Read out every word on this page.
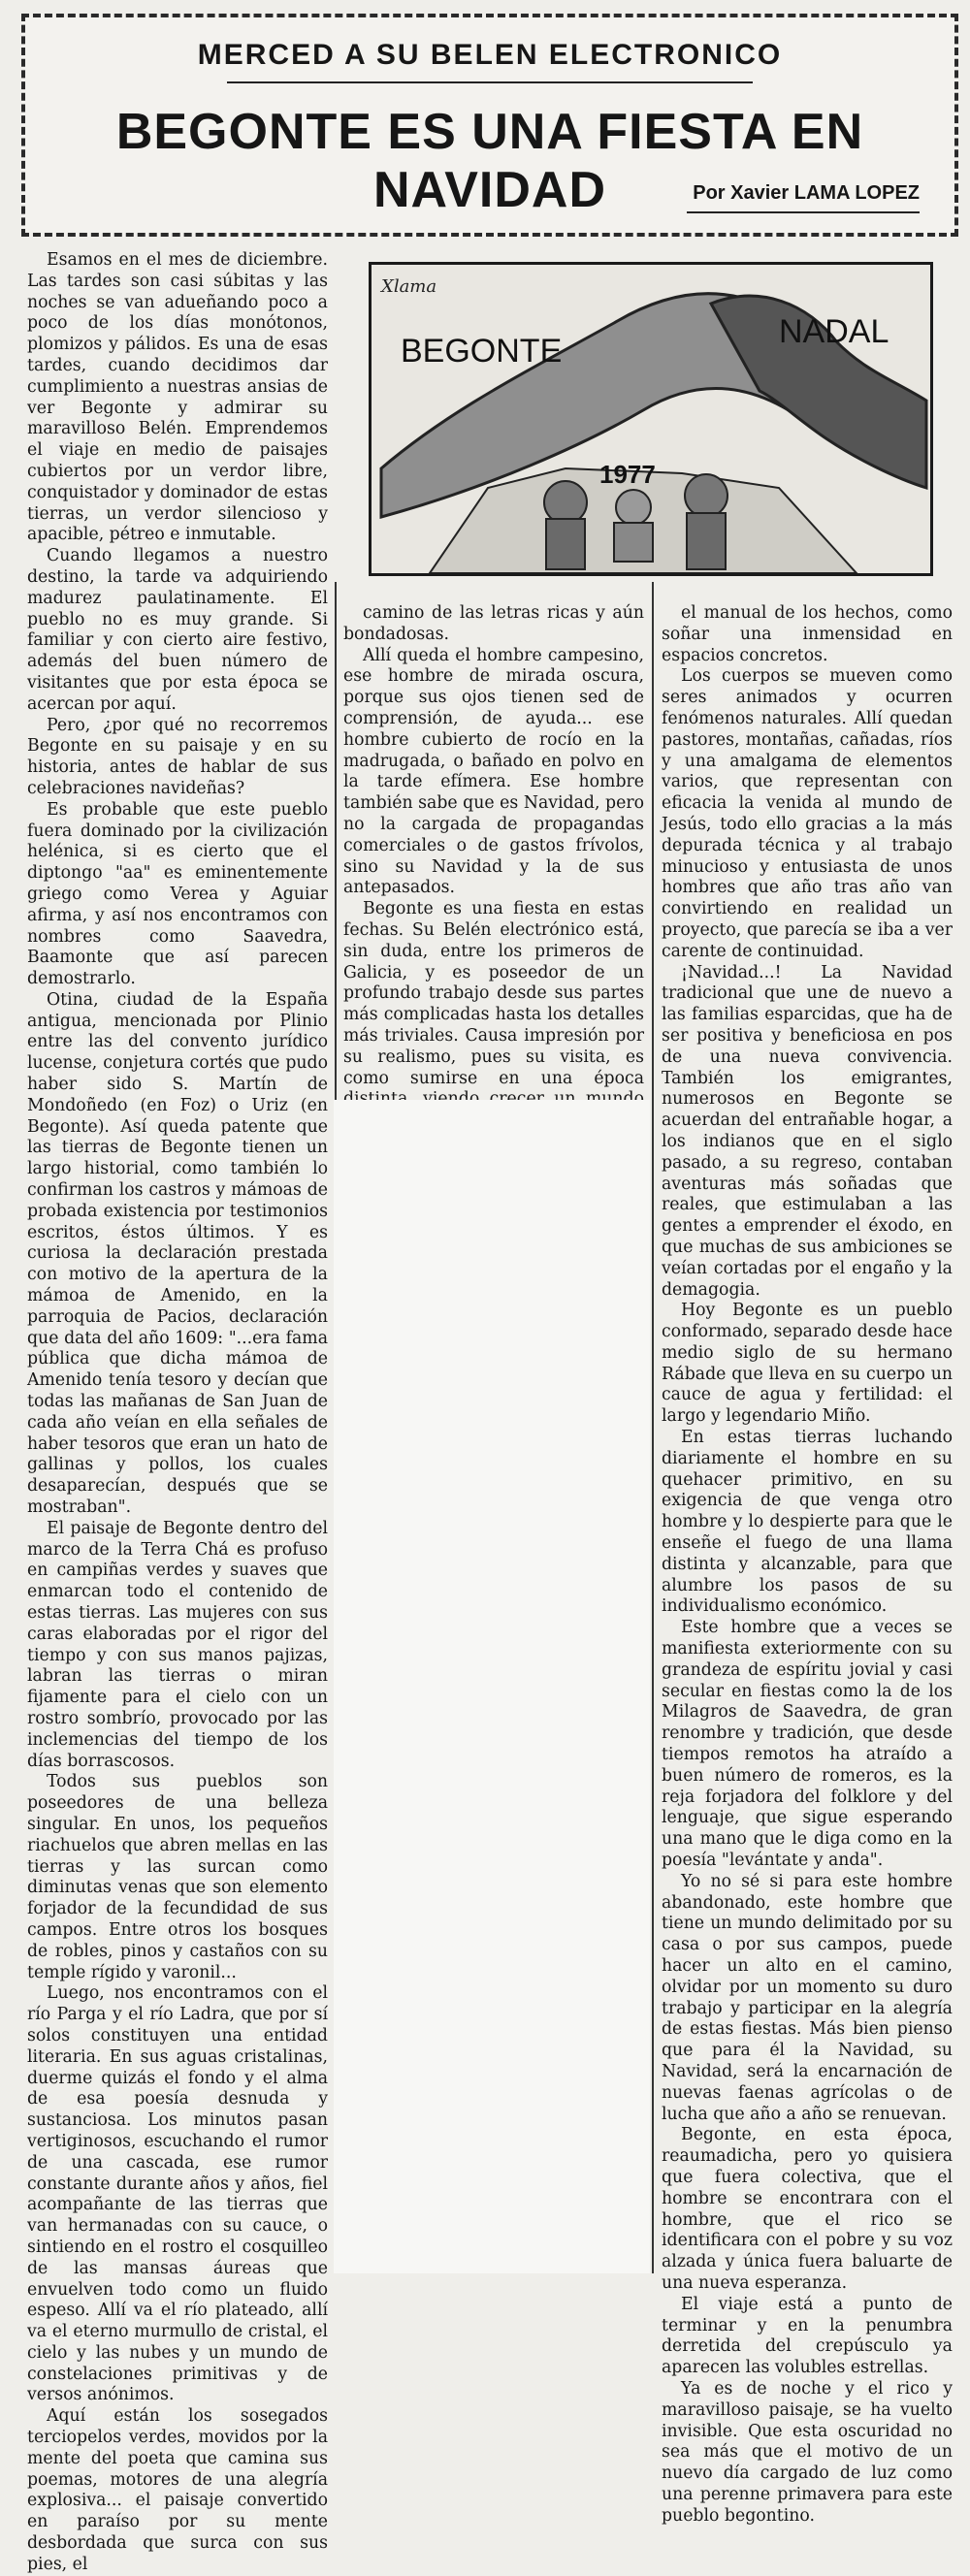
MERCED A SU BELEN ELECTRONICO
BEGONTE ES UNA FIESTA EN NAVIDAD	Por Xavier LAMA LOPEZ
Xlama
BEGONTE
NADAL
1977

Esamos en el mes de diciembre. Las tardes son casi súbitas y las noches se van adueñando poco a poco de los días monótonos, plomizos y pálidos. Es una de esas tardes, cuando decidimos dar cumplimiento a nuestras ansias de ver Begonte y admirar su maravilloso Belén. Emprendemos el viaje en medio de paisajes cubiertos por un verdor libre, conquistador y dominador de estas tierras, un verdor silencioso y apacible, pétreo e inmutable.

Cuando llegamos a nuestro destino, la tarde va adquiriendo madurez paulatinamente. El pueblo no es muy grande. Si familiar y con cierto aire festivo, además del buen número de visitantes que por esta época se acercan por aquí.

Pero, ¿por qué no recorremos Begonte en su paisaje y en su historia, antes de hablar de sus celebraciones navideñas?

Es probable que este pueblo fuera dominado por la civilización helénica, si es cierto que el diptongo "aa" es eminentemente griego como Verea y Aguiar afirma, y así nos encontramos con nombres como Saavedra, Baamonte que así parecen demostrarlo.

Otina, ciudad de la España antigua, mencionada por Plinio entre las del convento jurídico lucense, conjetura cortés que pudo haber sido S. Martín de Mondoñedo (en Foz) o Uriz (en Begonte). Así queda patente que las tierras de Begonte tienen un largo historial, como también lo confirman los castros y mámoas de probada existencia por testimonios escritos, éstos últimos. Y es curiosa la declaración prestada con motivo de la apertura de la mámoa de Amenido, en la parroquia de Pacios, declaración que data del año 1609: "...era fama pública que dicha mámoa de Amenido tenía tesoro y decían que todas las mañanas de San Juan de cada año veían en ella señales de haber tesoros que eran un hato de gallinas y pollos, los cuales desaparecían, después que se mostraban".

El paisaje de Begonte dentro del marco de la Terra Chá es profuso en campiñas verdes y suaves que enmarcan todo el contenido de estas tierras. Las mujeres con sus caras elaboradas por el rigor del tiempo y con sus manos pajizas, labran las tierras o miran fijamente para el cielo con un rostro sombrío, provocado por las inclemencias del tiempo de los días borrascosos.

Todos sus pueblos son poseedores de una belleza singular. En unos, los pequeños riachuelos que abren mellas en las tierras y las surcan como diminutas venas que son elemento forjador de la fecundidad de sus campos. Entre otros los bosques de robles, pinos y castaños con su temple rígido y varonil...

Luego, nos encontramos con el río Parga y el río Ladra, que por sí solos constituyen una entidad literaria. En sus aguas cristalinas, duerme quizás el fondo y el alma de esa poesía desnuda y sustanciosa. Los minutos pasan vertiginosos, escuchando el rumor de una cascada, ese rumor constante durante años y años, fiel acompañante de las tierras que van hermanadas con su cauce, o sintiendo en el rostro el cosquilleo de las mansas áureas que envuelven todo como un fluido espeso. Allí va el río plateado, allí va el eterno murmullo de cristal, el cielo y las nubes y un mundo de constelaciones primitivas y de versos anónimos.

Aquí están los sosegados terciopelos verdes, movidos por la mente del poeta que camina sus poemas, motores de una alegría explosiva... el paisaje convertido en paraíso por su mente desbordada que surca con sus pies, el

camino de las letras ricas y aún bondadosas.

Allí queda el hombre campesino, ese hombre de mirada oscura, porque sus ojos tienen sed de comprensión, de ayuda... ese hombre cubierto de rocío en la madrugada, o bañado en polvo en la tarde efímera. Ese hombre también sabe que es Navidad, pero no la cargada de propagandas comerciales o de gastos frívolos, sino su Navidad y la de sus antepasados.

Begonte es una fiesta en estas fechas. Su Belén electrónico está, sin duda, entre los primeros de Galicia, y es poseedor de un profundo trabajo desde sus partes más complicadas hasta los detalles más triviales. Causa impresión por su realismo, pues su visita, es como sumirse en una época

el manual de los hechos, como soñar una inmensidad en espacios concretos.

Los cuerpos se mueven como seres animados y ocurren fenómenos naturales. Allí quedan pastores, montañas, cañadas, ríos y una amalgama de elementos varios, que representan con eficacia la venida al mundo de Jesús, todo ello gracias a la más depurada técnica y al trabajo minucioso y entusiasta de unos hombres que año tras año van convirtiendo en realidad un proyecto, que parecía se iba a ver carente de continuidad.

¡Navidad...! La Navidad tradicional que une de nuevo a las familias esparcidas, que ha de ser positiva y beneficiosa en pos de una nueva convivencia. También los emigrantes, numerosos en Begonte se acuerdan del entrañable hogar, a los indianos que en el siglo pasado, a su regreso, contaban aventuras más soñadas que reales, que estimulaban a las gentes a emprender el éxodo, en que muchas de sus ambiciones se veían cortadas por el engaño y la demagogia.

Hoy Begonte es un pueblo conformado, separado desde hace medio siglo de su hermano Rábade que lleva en su cuerpo un cauce de agua y fertilidad: el largo y legendario Miño.

En estas tierras luchando diariamente el hombre en su quehacer primitivo, en su exigencia de que venga otro hombre y lo despierte para que le enseñe el fuego de una llama distinta y alcanzable, para que alumbre los pasos de su individualismo económico.

Este hombre que a veces se manifiesta exteriormente con su grandeza de espíritu jovial y casi secular en fiestas como la de los Milagros de Saavedra, de gran renombre y tradición, que desde tiempos remotos ha atraído a buen número de romeros, es la reja forjadora del folklore y del lenguaje, que sigue esperando una mano que le diga como en la poesía "levántate y anda".

Yo no sé si para este hombre abandonado, este hombre que tiene un mundo delimitado por su casa o por sus campos, puede hacer un alto en el camino, olvidar por un momento su duro trabajo y participar en la alegría de estas fiestas. Más bien pienso que para él la Navidad, su Navidad, será la encarnación de nuevas faenas agrícolas o de lucha que año a año se renuevan.

Begonte, en esta época, reaumadicha, pero yo quisiera que fuera colectiva, que el hombre se encontrara con el hombre, que el rico se identificara con el pobre y su voz alzada y única fuera baluarte de una nueva esperanza.

El viaje está a punto de terminar y en la penumbra derretida del crepúsculo ya aparecen las volubles estrellas.

Ya es de noche y el rico y maravilloso paisaje, se ha vuelto invisible. Que esta oscuridad no sea más que el motivo de un nuevo día cargado de luz como una perenne primavera para este pueblo begontino.
